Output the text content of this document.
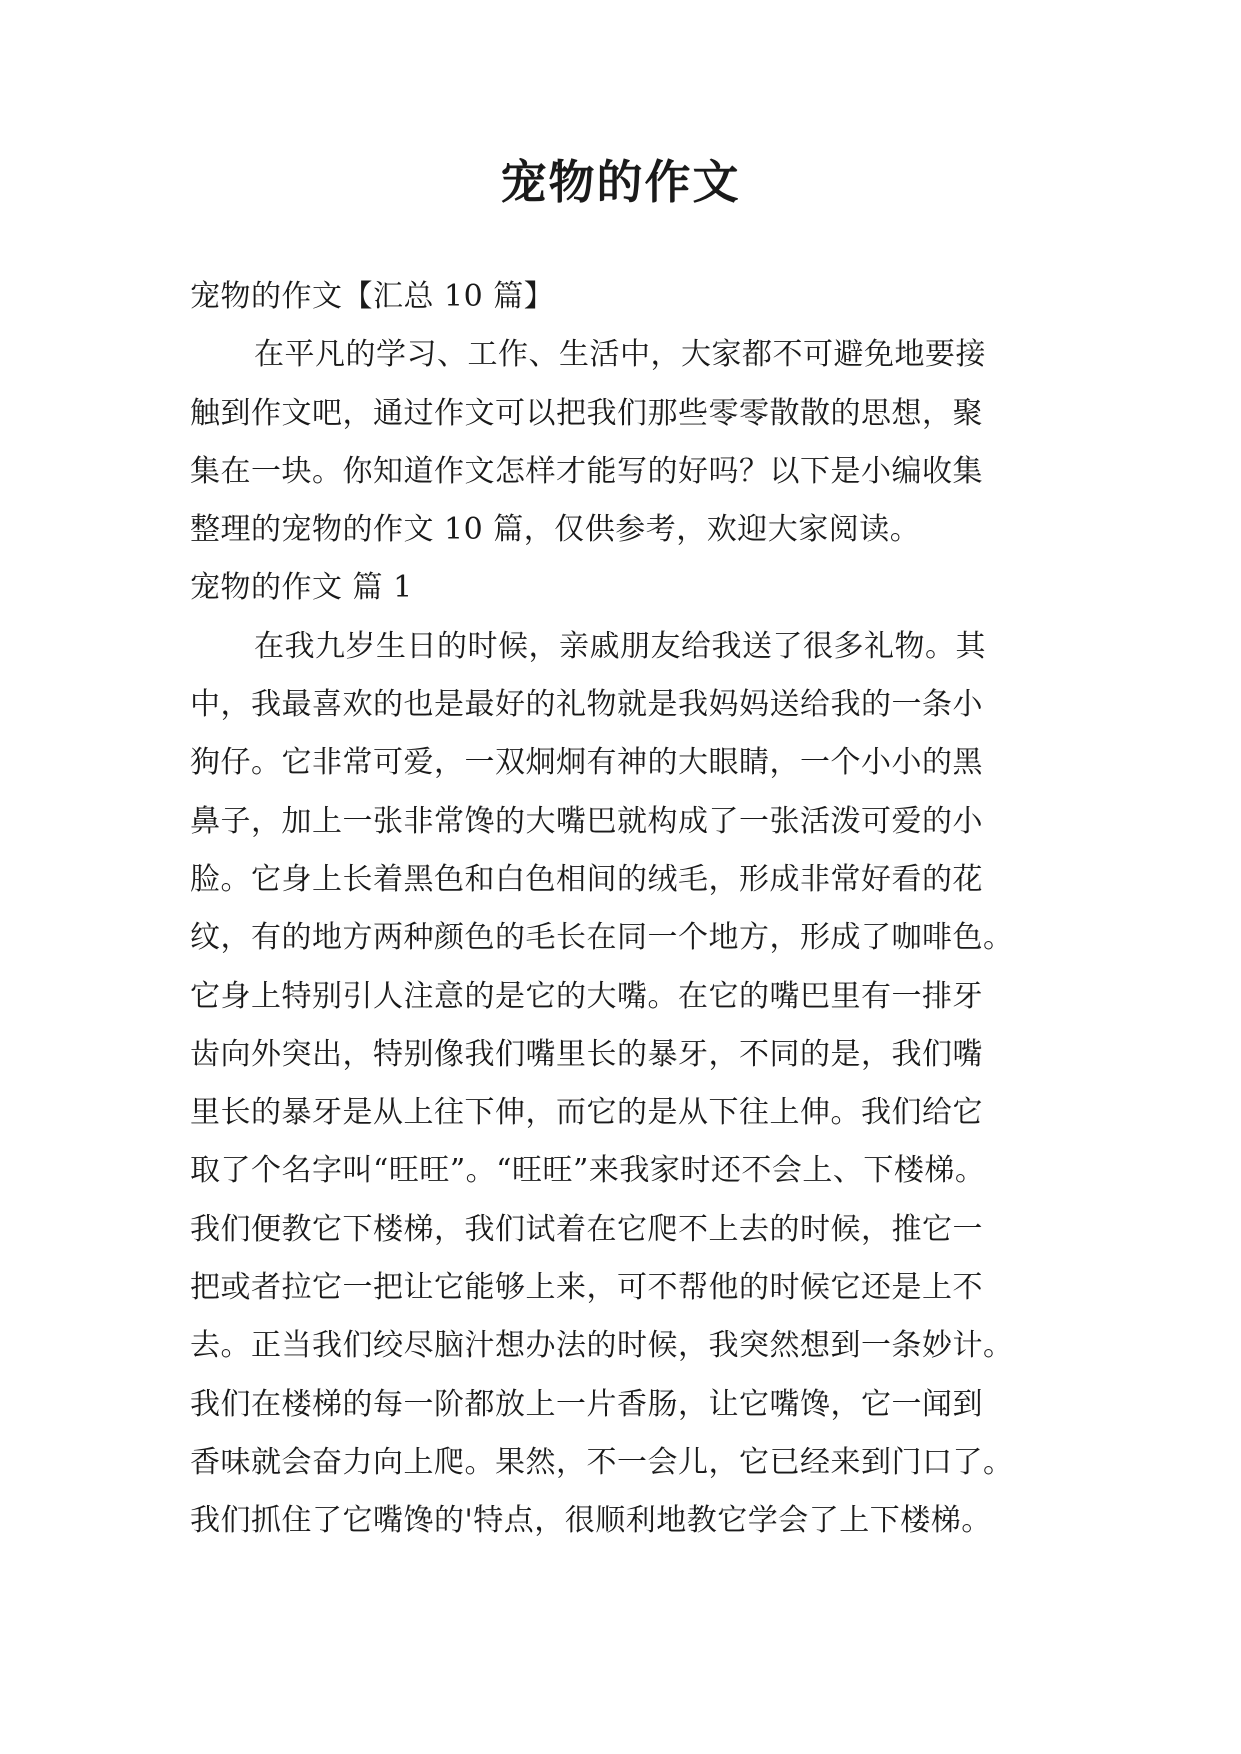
宠物的作文
宠物的作文【汇总 10 篇】
在平凡的学习、工作、生活中，大家都不可避免地要接
触到作文吧，通过作文可以把我们那些零零散散的思想，聚
集在一块。你知道作文怎样才能写的好吗？以下是小编收集
整理的宠物的作文 10 篇，仅供参考，欢迎大家阅读。
宠物的作文 篇 1
在我九岁生日的时候，亲戚朋友给我送了很多礼物。其
中，我最喜欢的也是最好的礼物就是我妈妈送给我的一条小
狗仔。它非常可爱，一双炯炯有神的大眼睛，一个小小的黑
鼻子，加上一张非常馋的大嘴巴就构成了一张活泼可爱的小
脸。它身上长着黑色和白色相间的绒毛，形成非常好看的花
纹，有的地方两种颜色的毛长在同一个地方，形成了咖啡色。
它身上特别引人注意的是它的大嘴。在它的嘴巴里有一排牙
齿向外突出，特别像我们嘴里长的暴牙，不同的是，我们嘴
里长的暴牙是从上往下伸，而它的是从下往上伸。我们给它
取了个名字叫“旺旺”。“旺旺”来我家时还不会上、下楼梯。
我们便教它下楼梯，我们试着在它爬不上去的时候，推它一
把或者拉它一把让它能够上来，可不帮他的时候它还是上不
去。正当我们绞尽脑汁想办法的时候，我突然想到一条妙计。
我们在楼梯的每一阶都放上一片香肠，让它嘴馋，它一闻到
香味就会奋力向上爬。果然，不一会儿，它已经来到门口了。
我们抓住了它嘴馋的'特点，很顺利地教它学会了上下楼梯。
